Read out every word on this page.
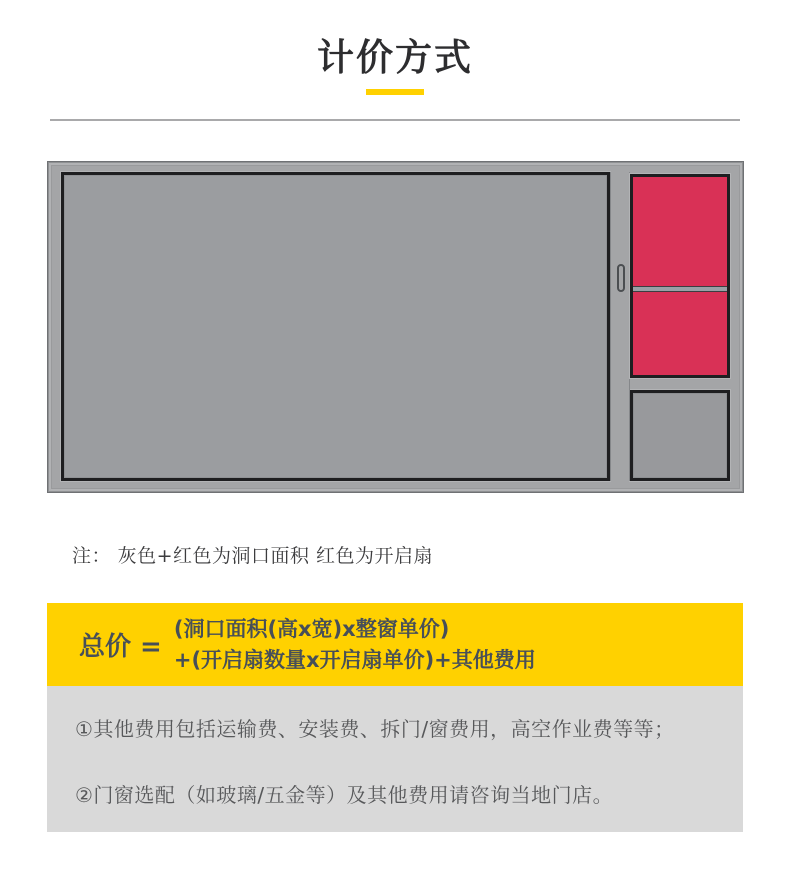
计价方式
注： 灰色+红色为洞口面积 红色为开启扇
总价 =
(洞口面积(高x宽)x整窗单价)
+(开启扇数量x开启扇单价)+其他费用
①其他费用包括运输费、安装费、拆门/窗费用，高空作业费等等；
②门窗选配（如玻璃/五金等）及其他费用请咨询当地门店。
